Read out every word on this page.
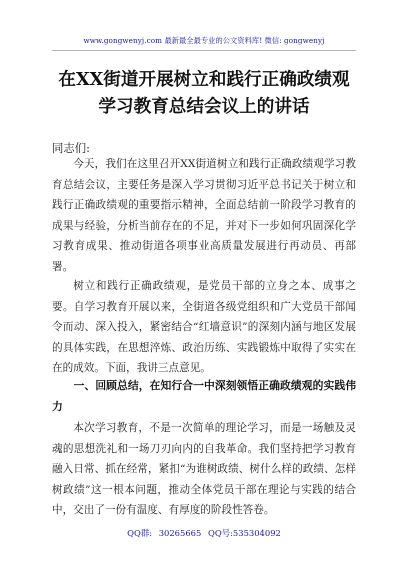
www.gongwenyj.com 最新最全最专业的公文资料库! 微信: gongwenyj
在XX街道开展树立和践行正确政绩观学习教育总结会议上的讲话
同志们:
今天，我们在这里召开XX街道树立和践行正确政绩观学习教育总结会议，主要任务是深入学习贯彻习近平总书记关于树立和践行正确政绩观的重要指示精神，全面总结前一阶段学习教育的成果与经验，分析当前存在的不足，并对下一步如何巩固深化学习教育成果、推动街道各项事业高质量发展进行再动员、再部署。
树立和践行正确政绩观，是党员干部的立身之本、成事之要。自学习教育开展以来，全街道各级党组织和广大党员干部闻令而动、深入投入，紧密结合“红墙意识”的深刻内涵与地区发展的具体实践，在思想淬炼、政治历练、实践锻炼中取得了实实在在的成效。下面，我讲三点意见。
一、回顾总结，在知行合一中深刻领悟正确政绩观的实践伟力
本次学习教育，不是一次简单的理论学习，而是一场触及灵魂的思想洗礼和一场刀刃向内的自我革命。我们坚持把学习教育融入日常、抓在经常，紧扣“为谁树政绩、树什么样的政绩、怎样树政绩”这一根本问题，推动全体党员干部在理论与实践的结合中，交出了一份有温度、有厚度的阶段性答卷。
QQ群: 30265665 QQ号:535304092
